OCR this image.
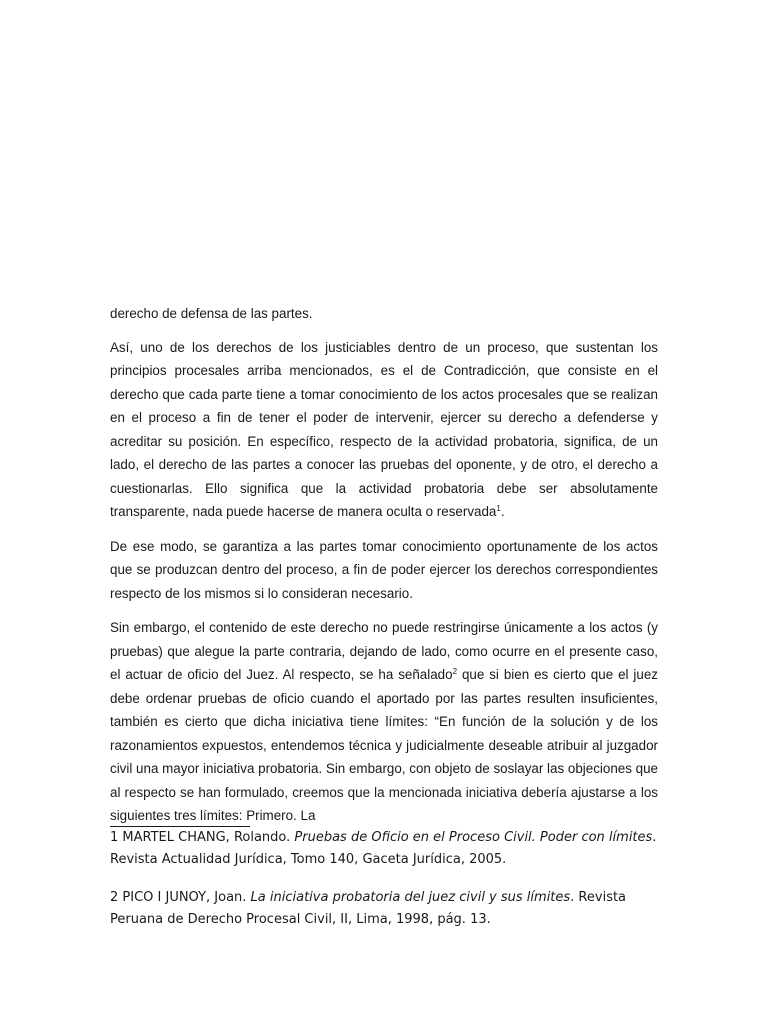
derecho de defensa de las partes.

Así, uno de los derechos de los justiciables dentro de un proceso, que sustentan los principios procesales arriba mencionados, es el de Contradicción, que consiste en el derecho que cada parte tiene a tomar conocimiento de los actos procesales que se realizan en el proceso a fin de tener el poder de intervenir, ejercer su derecho a defenderse y acreditar su posición. En específico, respecto de la actividad probatoria, significa, de un lado, el derecho de las partes a conocer las pruebas del oponente, y de otro, el derecho a cuestionarlas. Ello significa que la actividad probatoria debe ser absolutamente transparente, nada puede hacerse de manera oculta o reservada$^1$.

De ese modo, se garantiza a las partes tomar conocimiento oportunamente de los actos que se produzcan dentro del proceso, a fin de poder ejercer los derechos correspondientes respecto de los mismos si lo consideran necesario.

Sin embargo, el contenido de este derecho no puede restringirse únicamente a los actos (y pruebas) que alegue la parte contraria, dejando de lado, como ocurre en el presente caso, el actuar de oficio del Juez. Al respecto, se ha señalado$^2$ que si bien es cierto que el juez debe ordenar pruebas de oficio cuando el aportado por las partes resulten insuficientes, también es cierto que dicha iniciativa tiene límites: “En función de la solución y de los razonamientos expuestos, entendemos técnica y judicialmente deseable atribuir al juzgador civil una mayor iniciativa probatoria. Sin embargo, con objeto de soslayar las objeciones que al respecto se han formulado, creemos que la mencionada iniciativa debería ajustarse a los siguientes tres límites: Primero. La

1 MARTEL CHANG, Rolando. Pruebas de Oficio en el Proceso Civil. Poder con límites. Revista Actualidad Jurídica, Tomo 140, Gaceta Jurídica, 2005.

2 PICO I JUNOY, Joan. La iniciativa probatoria del juez civil y sus límites. Revista Peruana de Derecho Procesal Civil, II, Lima, 1998, pág. 13.
